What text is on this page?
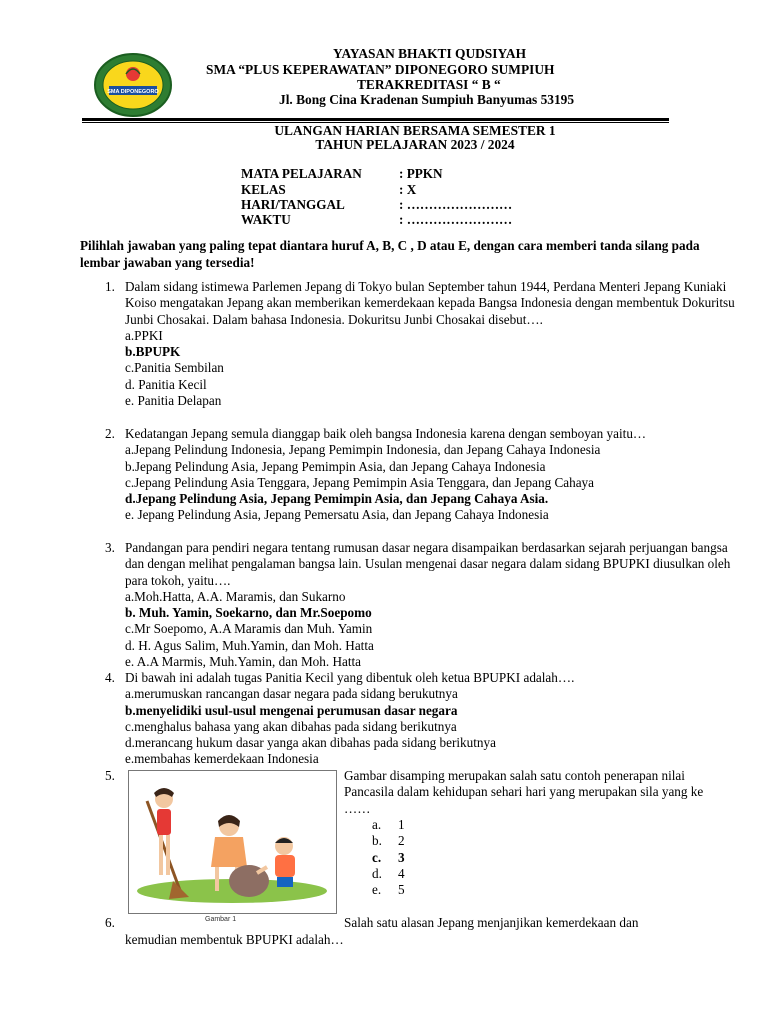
SMA DIPONEGORO
YAYASAN BHAKTI QUDSIYAH
SMA “PLUS KEPERAWATAN” DIPONEGORO SUMPIUH
TERAKREDITASI “ B “
Jl. Bong Cina Kradenan Sumpiuh Banyumas 53195
ULANGAN HARIAN BERSAMA SEMESTER 1
TAHUN PELAJARAN 2023 / 2024
MATA PELAJARAN	: PPKN
KELAS	: X
HARI/TANGGAL	: ……………………
WAKTU	: ……………………
Pilihlah jawaban yang paling tepat diantara huruf A, B, C , D atau E, dengan cara memberi tanda silang pada lembar jawaban yang tersedia!
1. Dalam sidang istimewa Parlemen Jepang di Tokyo bulan September tahun 1944, Perdana Menteri Jepang Kuniaki Koiso mengatakan Jepang akan memberikan kemerdekaan kepada Bangsa Indonesia dengan membentuk Dokuritsu Junbi Chosakai. Dalam bahasa Indonesia. Dokuritsu Junbi Chosakai disebut….
a.PPKI
b.BPUPK
c.Panitia Sembilan
d. Panitia Kecil
e. Panitia Delapan
2. Kedatangan Jepang semula dianggap baik oleh bangsa Indonesia karena dengan semboyan yaitu…
a.Jepang Pelindung Indonesia, Jepang Pemimpin Indonesia, dan Jepang Cahaya Indonesia
b.Jepang Pelindung Asia, Jepang Pemimpin Asia, dan Jepang Cahaya Indonesia
c.Jepang Pelindung Asia Tenggara, Jepang Pemimpin Asia Tenggara, dan Jepang Cahaya
d.Jepang Pelindung Asia, Jepang Pemimpin Asia, dan Jepang Cahaya Asia.
e. Jepang Pelindung Asia, Jepang Pemersatu Asia, dan Jepang Cahaya Indonesia
3. Pandangan para pendiri negara tentang rumusan dasar negara disampaikan berdasarkan sejarah perjuangan bangsa dan dengan melihat pengalaman bangsa lain. Usulan mengenai dasar negara dalam sidang BPUPKI diusulkan oleh para tokoh, yaitu….
a.Moh.Hatta, A.A. Maramis, dan Sukarno
b. Muh. Yamin, Soekarno, dan Mr.Soepomo
c.Mr Soepomo, A.A Maramis dan Muh. Yamin
d. H. Agus Salim, Muh.Yamin, dan Moh. Hatta
e. A.A Marmis, Muh.Yamin, dan Moh. Hatta
4. Di bawah ini adalah tugas Panitia Kecil yang dibentuk oleh ketua BPUPKI adalah….
a.merumuskan rancangan dasar negara pada sidang berukutnya
b.menyelidiki usul-usul mengenai perumusan dasar negara
c.menghalus bahasa yang akan dibahas pada sidang berikutnya
d.merancang hukum dasar yanga akan dibahas pada sidang berikutnya
e.membahas kemerdekaan Indonesia
5.
Gambar 1
Gambar disamping merupakan salah satu contoh penerapan nilai Pancasila dalam kehidupan sehari hari yang merupakan sila yang ke ……
a. 1
b. 2
c. 3
d. 4
e. 5
6.	Salah satu alasan Jepang menjanjikan kemerdekaan dan
kemudian membentuk BPUPKI adalah…
